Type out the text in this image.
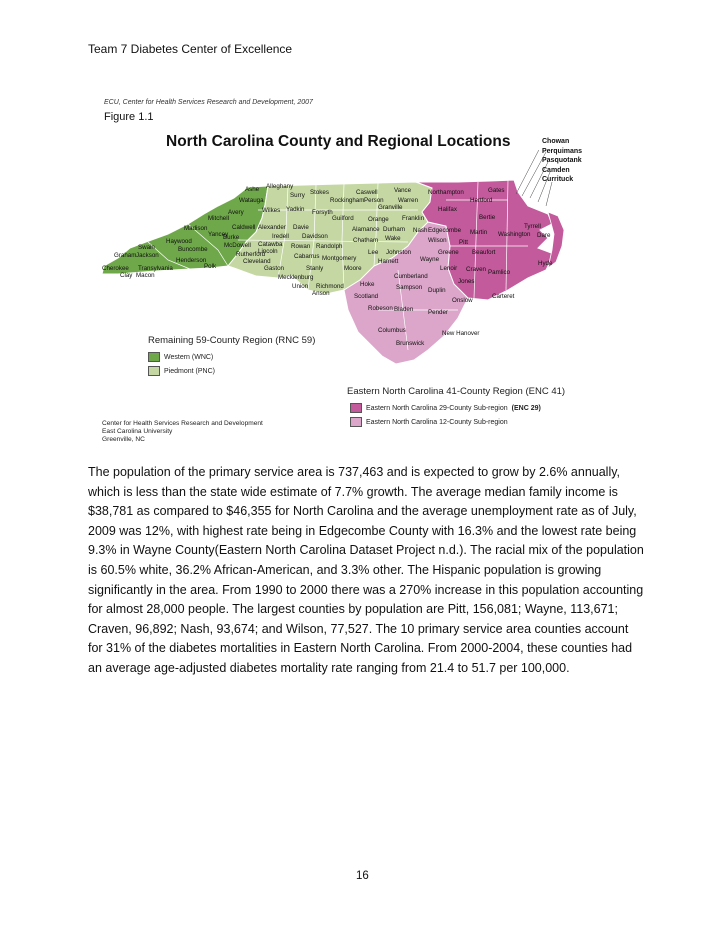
Team 7 Diabetes Center of Excellence
ECU, Center for Health Services Research and Development, 2007
Figure 1.1
North Carolina County and Regional Locations	Chowan
Perquimans
Pasquotank
Camden
Currituck
Ashe Alleghany
Surry Stokes	Caswell	Vance	Northampton	Gates
Watauga
Wilkes Yadkin Forsyth
Rockingham Person Warren	Hertford
Granville	Halifax
Guilford Orange Franklin	Bertie
Mitchell
Avery
Caldwell Alexander Davie	Alamance Durham Nash Edgecombe
Tyrrell
Madison
Yancey
Burke	Iredell Davidson
Martin Washington Dare
Haywood
McDowell Catawba Rowan Randolph
Chatham Wake	Wilson Pitt
Swain	Buncombe	Lincoln
Cabarrus
Lee Johnston	Greene Beaufort
Graham Jackson	Rutherford
Cleveland	Montgomery	Wayne
Henderson
Gaston	Stanly	Moore
Harnett
Lenoir Craven Pamlico
Hyde
Cherokee Transylvania	Polk
Mecklenburg
Clay Macon	Cumberland
Jones
Union Richmond	Hoke	Sampson Duplin
Anson	Scotland
Onslow
Carteret
Robeson Bladen Pender
Columbus	New Hanover
Brunswick
Remaining 59-County Region (RNC 59)
Western (WNC)
Piedmont (PNC)
Eastern North Carolina 41-County Region (ENC 41)
Eastern North Carolina 29-County Sub-region (ENC 29)
Eastern North Carolina 12-County Sub-region
Center for Health Services Research and Development
East Carolina University
Greenville, NC

The population of the primary service area is 737,463 and is expected to grow by 2.6% annually, which is less than the state wide estimate of 7.7% growth. The average median family income is $38,781 as compared to $46,355 for North Carolina and the average unemployment rate as of July, 2009 was 12%, with highest rate being in Edgecombe County with 16.3% and the lowest rate being 9.3% in Wayne County(Eastern North Carolina Dataset Project n.d.). The racial mix of the population is 60.5% white, 36.2% African-American, and 3.3% other. The Hispanic population is growing significantly in the area. From 1990 to 2000 there was a 270% increase in this population accounting for almost 28,000 people. The largest counties by population are Pitt, 156,081; Wayne, 113,671; Craven, 96,892; Nash, 93,674; and Wilson, 77,527. The 10 primary service area counties account for 31% of the diabetes mortalities in Eastern North Carolina. From 2000-2004, these counties had an average age-adjusted diabetes mortality rate ranging from 21.4 to 51.7 per 100,000.

16
